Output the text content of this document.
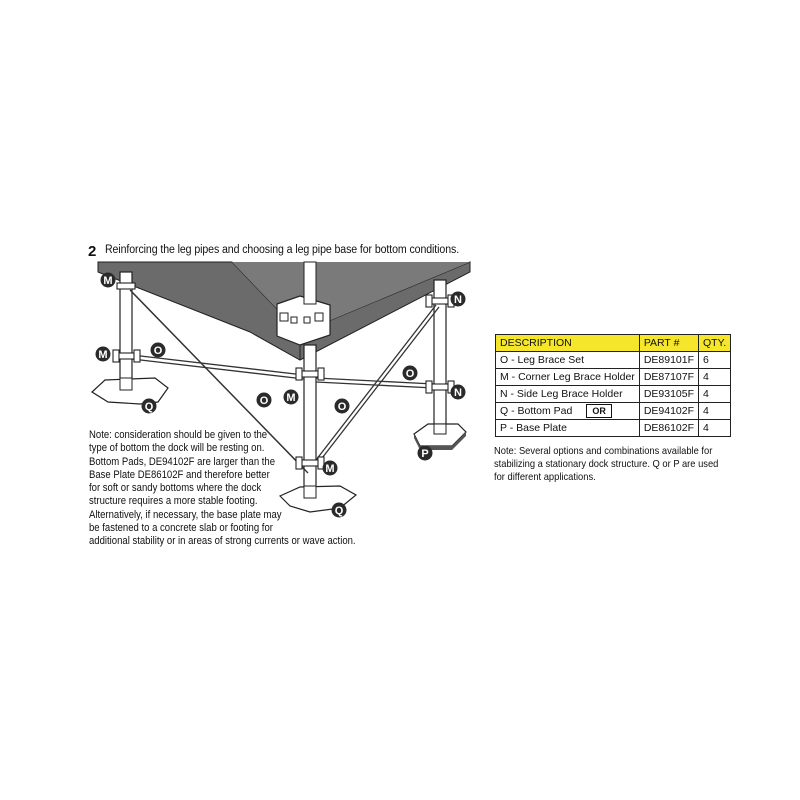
2 Reinforcing the leg pipes and choosing a leg pipe base for bottom conditions.
M
M
M
M
N
N
O
O	O
O
Q
Q
P
Note: consideration should be given to the
type of bottom the dock will be resting on.
Bottom Pads, DE94102F are larger than the
Base Plate DE86102F and therefore better
for soft or sandy bottoms where the dock
structure requires a more stable footing.
Alternatively, if necessary, the base plate may
be fastened to a concrete slab or footing for
additional stability or in areas of strong currents or wave action.
DESCRIPTION	PART #	QTY.
O - Leg Brace Set	DE89101F	6
M - Corner Leg Brace Holder	DE87107F	4
N - Side Leg Brace Holder	DE93105F	4
Q - Bottom Pad OR	DE94102F	4
P - Base Plate	DE86102F	4
Note: Several options and combinations available for
stabilizing a stationary dock structure. Q or P are used
for different applications.
